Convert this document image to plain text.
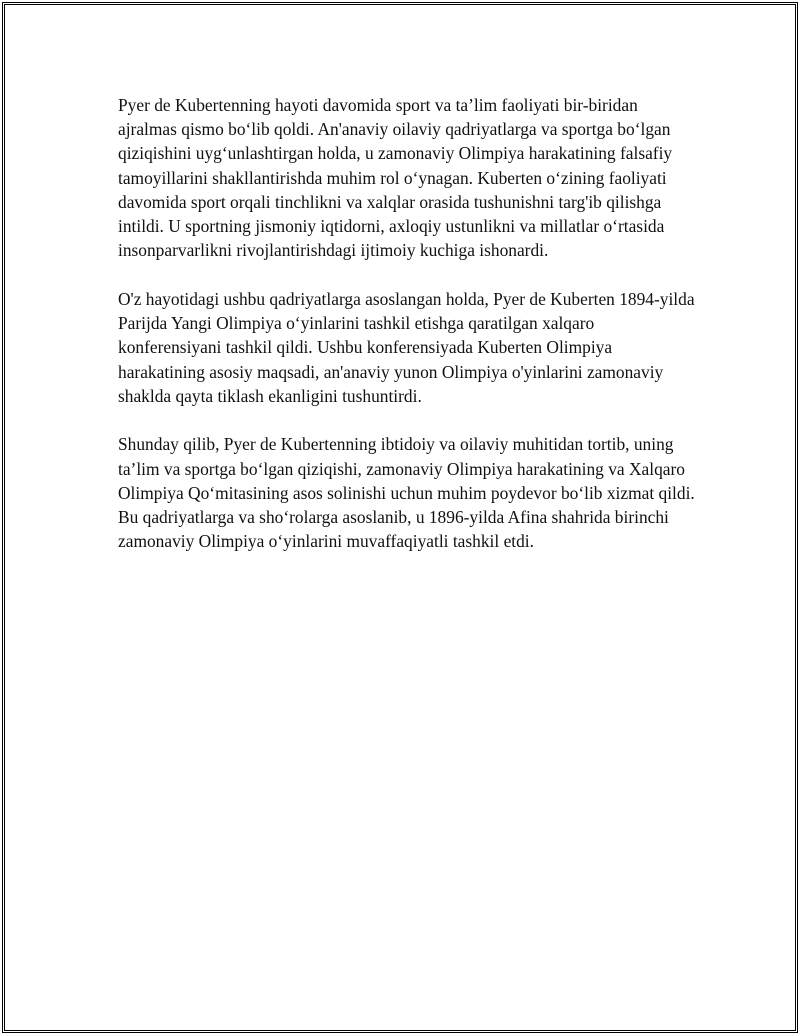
Pyer de Kubertenning hayoti davomida sport va ta’lim faoliyati bir-biridan ajralmas qismo boʻlib qoldi. An'anaviy oilaviy qadriyatlarga va sportga boʻlgan qiziqishini uygʻunlashtirgan holda, u zamonaviy Olimpiya harakatining falsafiy tamoyillarini shakllantirishda muhim rol oʻynagan. Kuberten oʻzining faoliyati davomida sport orqali tinchlikni va xalqlar orasida tushunishni targ'ib qilishga intildi. U sportning jismoniy iqtidorni, axloqiy ustunlikni va millatlar oʻrtasida insonparvarlikni rivojlantirishdagi ijtimoiy kuchiga ishonardi.

O'z hayotidagi ushbu qadriyatlarga asoslangan holda, Pyer de Kuberten 1894-yilda Parijda Yangi Olimpiya oʻyinlarini tashkil etishga qaratilgan xalqaro konferensiyani tashkil qildi. Ushbu konferensiyada Kuberten Olimpiya harakatining asosiy maqsadi, an'anaviy yunon Olimpiya o'yinlarini zamonaviy shaklda qayta tiklash ekanligini tushuntirdi.

Shunday qilib, Pyer de Kubertenning ibtidoiy va oilaviy muhitidan tortib, uning ta’lim va sportga boʻlgan qiziqishi, zamonaviy Olimpiya harakatining va Xalqaro Olimpiya Qoʻmitasining asos solinishi uchun muhim poydevor boʻlib xizmat qildi. Bu qadriyatlarga va shoʻrolarga asoslanib, u 1896-yilda Afina shahrida birinchi zamonaviy Olimpiya oʻyinlarini muvaffaqiyatli tashkil etdi.
